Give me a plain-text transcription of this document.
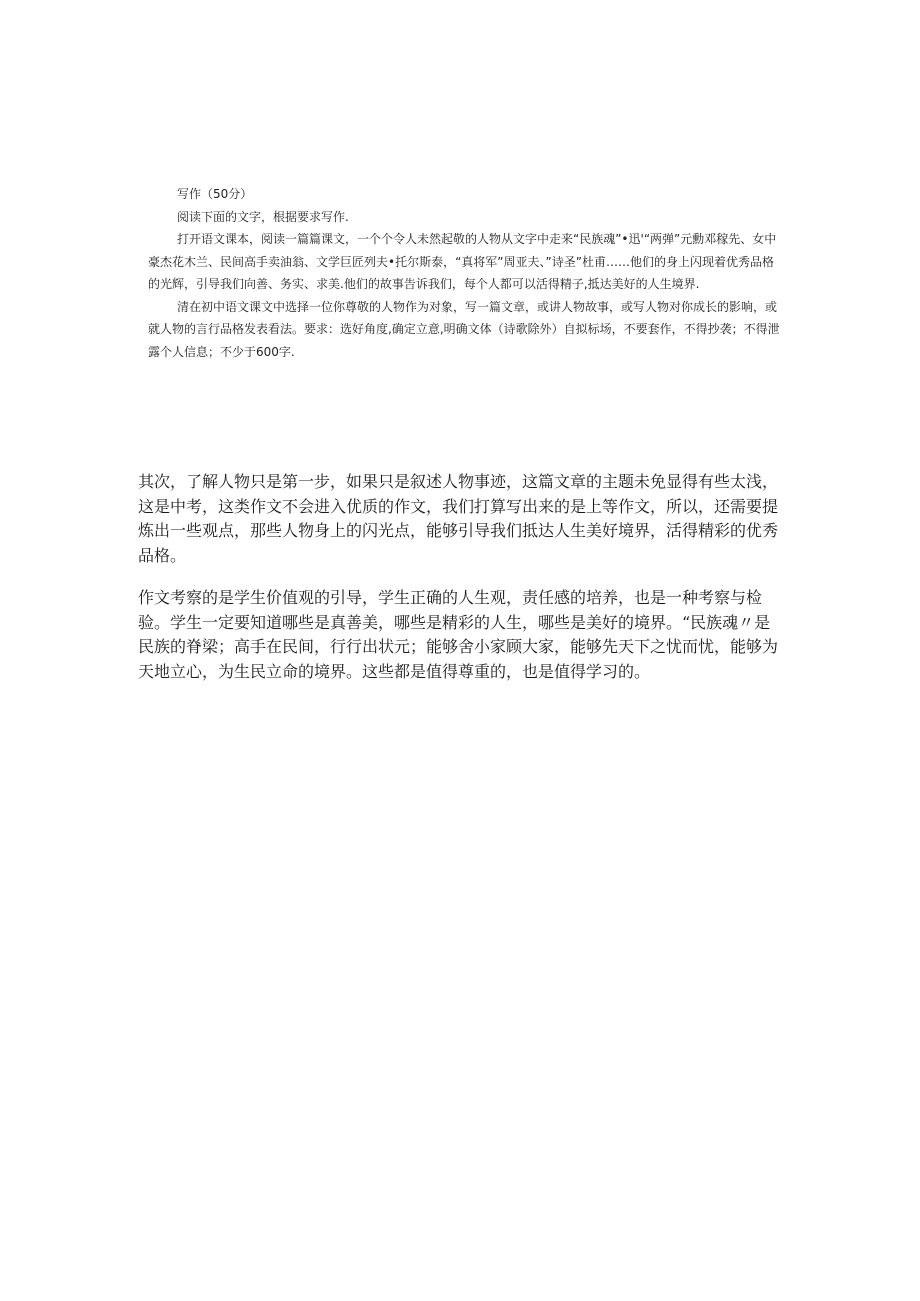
写作（50分）

阅读下面的文字，根据要求写作.

打开语文课本，阅读一篇篇课文，一个个令人未然起敬的人物从文字中走来“民族魂”•迅'“两弹”元勳邓稼先、女中豪杰花木兰、民间高手卖油翁、文学巨匠列夫•托尔斯泰，“真将军”周亚夫、”诗圣”杜甫……他们的身上闪现着优秀品格的光辉，引导我们向善、务实、求美.他们的故事告诉我们，每个人都可以活得精子,抵达美好的人生境界.

清在初中语文课文中选择一位你尊敬的人物作为对象，写一篇文章，或讲人物故事，或写人物对你成长的影响，或就人物的言行品格发表看法。要求：选好角度,确定立意,明确文体（诗歌除外）自拟标场，不要套作，不得抄袭；不得泄露个人信息；不少于600字.

其次，了解人物只是第一步，如果只是叙述人物事迹，这篇文章的主题未免显得有些太浅，这是中考，这类作文不会进入优质的作文，我们打算写出来的是上等作文，所以，还需要提炼出一些观点，那些人物身上的闪光点，能够引导我们抵达人生美好境界，活得精彩的优秀品格。

作文考察的是学生价值观的引导，学生正确的人生观，责任感的培养，也是一种考察与检验。学生一定要知道哪些是真善美，哪些是精彩的人生，哪些是美好的境界。“民族魂〃是民族的脊梁；高手在民间，行行出状元；能够舍小家顾大家，能够先天下之忧而忧，能够为天地立心，为生民立命的境界。这些都是值得尊重的，也是值得学习的。
